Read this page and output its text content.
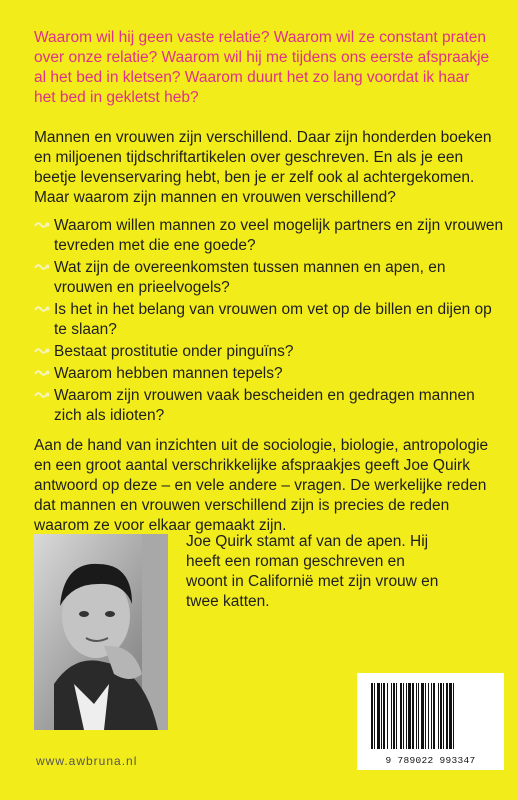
Waarom wil hij geen vaste relatie? Waarom wil ze constant praten over onze relatie? Waarom wil hij me tijdens ons eerste afspraakje al het bed in kletsen? Waarom duurt het zo lang voordat ik haar het bed in gekletst heb?

Mannen en vrouwen zijn verschillend. Daar zijn honderden boeken en miljoenen tijdschriftartikelen over geschreven. En als je een beetje levenservaring hebt, ben je er zelf ook al achtergekomen. Maar waarom zijn mannen en vrouwen verschillend?

Waarom willen mannen zo veel mogelijk partners en zijn vrouwen tevreden met die ene goede?
Wat zijn de overeenkomsten tussen mannen en apen, en vrouwen en prieelvogels?
Is het in het belang van vrouwen om vet op de billen en dijen op te slaan?
Bestaat prostitutie onder pinguïns?
Waarom hebben mannen tepels?
Waarom zijn vrouwen vaak bescheiden en gedragen mannen zich als idioten?

Aan de hand van inzichten uit de sociologie, biologie, antropologie en een groot aantal verschrikkelijke afspraakjes geeft Joe Quirk antwoord op deze – en vele andere – vragen. De werkelijke reden dat mannen en vrouwen verschillend zijn is precies de reden waarom ze voor elkaar gemaakt zijn.

Joe Quirk stamt af van de apen. Hij heeft een roman geschreven en woont in Californië met zijn vrouw en twee katten.

9 789022 993347
www.awbruna.nl
